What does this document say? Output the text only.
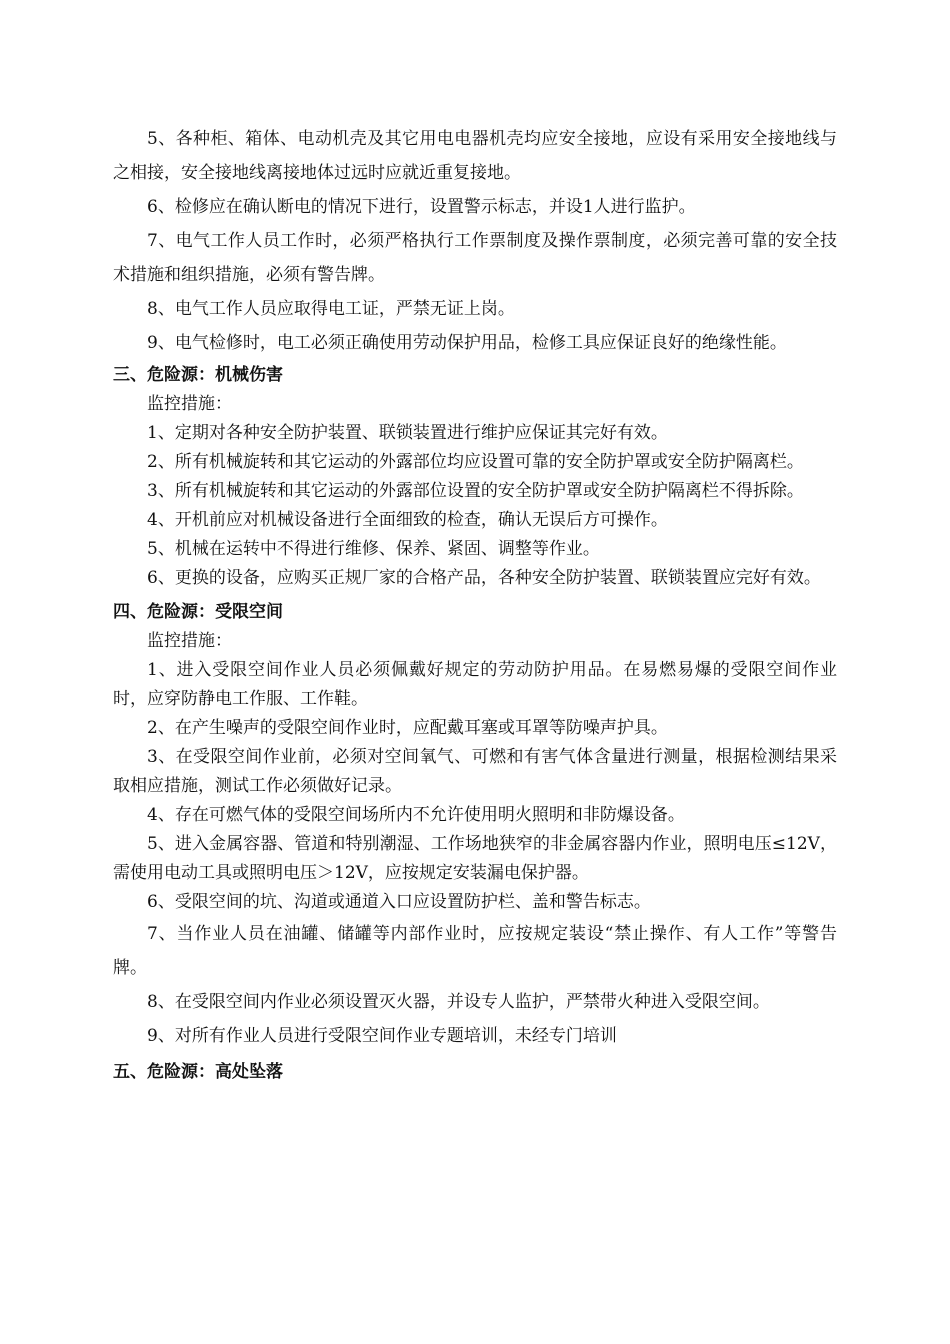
5、各种柜、箱体、电动机壳及其它用电电器机壳均应安全接地，应设有采用安全接地线与之相接，安全接地线离接地体过远时应就近重复接地。

6、检修应在确认断电的情况下进行，设置警示标志，并设1人进行监护。

7、电气工作人员工作时，必须严格执行工作票制度及操作票制度，必须完善可靠的安全技术措施和组织措施，必须有警告牌。

8、电气工作人员应取得电工证，严禁无证上岗。

9、电气检修时，电工必须正确使用劳动保护用品，检修工具应保证良好的绝缘性能。

三、危险源：机械伤害

监控措施：

1、定期对各种安全防护装置、联锁装置进行维护应保证其完好有效。

2、所有机械旋转和其它运动的外露部位均应设置可靠的安全防护罩或安全防护隔离栏。

3、所有机械旋转和其它运动的外露部位设置的安全防护罩或安全防护隔离栏不得拆除。

4、开机前应对机械设备进行全面细致的检查，确认无误后方可操作。

5、机械在运转中不得进行维修、保养、紧固、调整等作业。

6、更换的设备，应购买正规厂家的合格产品，各种安全防护装置、联锁装置应完好有效。

四、危险源：受限空间

监控措施：

1、进入受限空间作业人员必须佩戴好规定的劳动防护用品。在易燃易爆的受限空间作业时，应穿防静电工作服、工作鞋。

2、在产生噪声的受限空间作业时，应配戴耳塞或耳罩等防噪声护具。

3、在受限空间作业前，必须对空间氧气、可燃和有害气体含量进行测量，根据检测结果采取相应措施，测试工作必须做好记录。

4、存在可燃气体的受限空间场所内不允许使用明火照明和非防爆设备。

5、进入金属容器、管道和特别潮湿、工作场地狭窄的非金属容器内作业，照明电压≤12V，需使用电动工具或照明电压＞12V，应按规定安装漏电保护器。

6、受限空间的坑、沟道或通道入口应设置防护栏、盖和警告标志。

7、当作业人员在油罐、储罐等内部作业时，应按规定装设“禁止操作、有人工作”等警告牌。

8、在受限空间内作业必须设置灭火器，并设专人监护，严禁带火种进入受限空间。

9、对所有作业人员进行受限空间作业专题培训，未经专门培训

五、危险源：高处坠落
